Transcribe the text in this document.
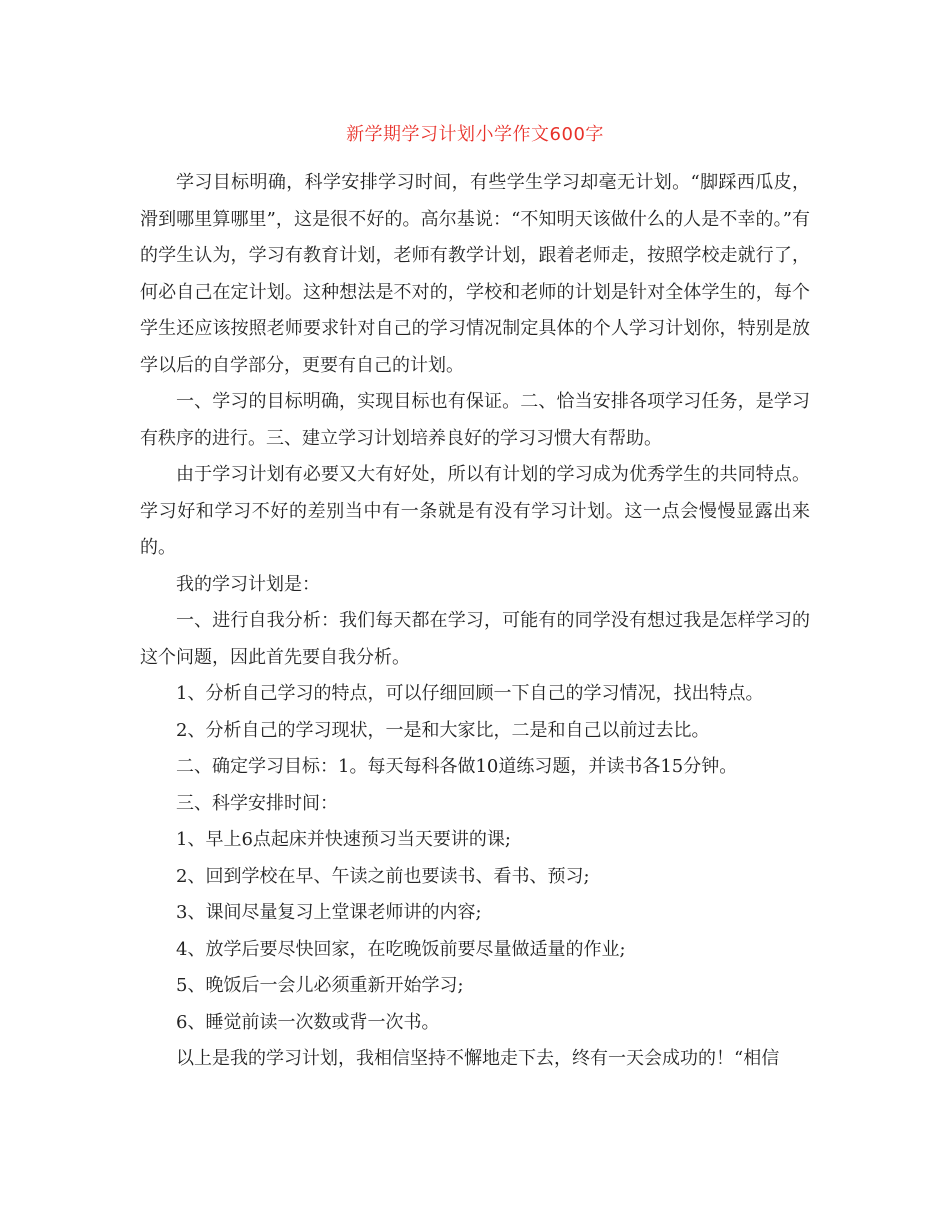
新学期学习计划小学作文600字

学习目标明确，科学安排学习时间，有些学生学习却毫无计划。“脚踩西瓜皮，滑到哪里算哪里”，这是很不好的。高尔基说：“不知明天该做什么的人是不幸的。”有的学生认为，学习有教育计划，老师有教学计划，跟着老师走，按照学校走就行了，何必自己在定计划。这种想法是不对的，学校和老师的计划是针对全体学生的，每个学生还应该按照老师要求针对自己的学习情况制定具体的个人学习计划你，特别是放学以后的自学部分，更要有自己的计划。

一、学习的目标明确，实现目标也有保证。二、恰当安排各项学习任务，是学习有秩序的进行。三、建立学习计划培养良好的学习习惯大有帮助。

由于学习计划有必要又大有好处，所以有计划的学习成为优秀学生的共同特点。学习好和学习不好的差别当中有一条就是有没有学习计划。这一点会慢慢显露出来的。

我的学习计划是：

一、进行自我分析：我们每天都在学习，可能有的同学没有想过我是怎样学习的这个问题，因此首先要自我分析。

1、分析自己学习的特点，可以仔细回顾一下自己的学习情况，找出特点。

2、分析自己的学习现状，一是和大家比，二是和自己以前过去比。

二、确定学习目标：1。每天每科各做10道练习题，并读书各15分钟。

三、科学安排时间：

1、早上6点起床并快速预习当天要讲的课;

2、回到学校在早、午读之前也要读书、看书、预习;

3、课间尽量复习上堂课老师讲的内容;

4、放学后要尽快回家，在吃晚饭前要尽量做适量的作业;

5、晚饭后一会儿必须重新开始学习;

6、睡觉前读一次数或背一次书。

以上是我的学习计划，我相信坚持不懈地走下去，终有一天会成功的！“相信
